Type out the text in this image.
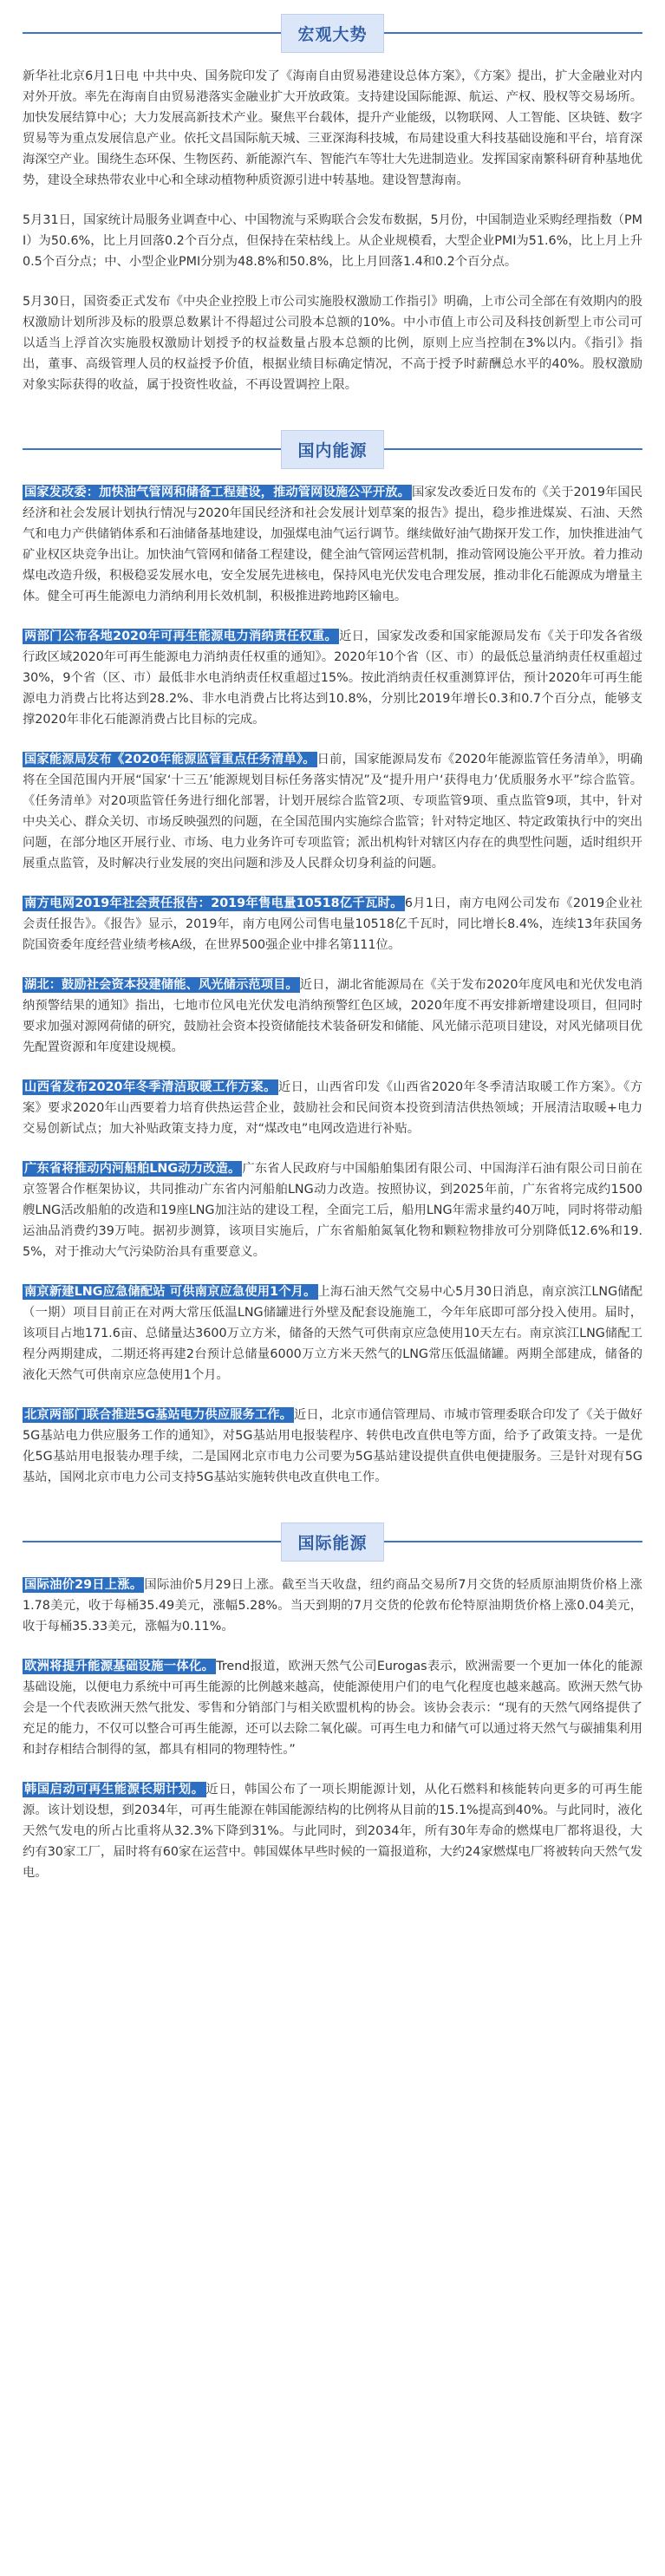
宏观大势

新华社北京6月1日电 中共中央、国务院印发了《海南自由贸易港建设总体方案》，《方案》提出，扩大金融业对内对外开放。率先在海南自由贸易港落实金融业扩大开放政策。支持建设国际能源、航运、产权、股权等交易场所。加快发展结算中心；大力发展高新技术产业。聚焦平台载体，提升产业能级，以物联网、人工智能、区块链、数字贸易等为重点发展信息产业。依托文昌国际航天城、三亚深海科技城，布局建设重大科技基础设施和平台，培育深海深空产业。围绕生态环保、生物医药、新能源汽车、智能汽车等壮大先进制造业。发挥国家南繁科研育种基地优势，建设全球热带农业中心和全球动植物种质资源引进中转基地。建设智慧海南。

5月31日，国家统计局服务业调查中心、中国物流与采购联合会发布数据，5月份，中国制造业采购经理指数（PMI）为50.6%，比上月回落0.2个百分点，但保持在荣枯线上。从企业规模看，大型企业PMI为51.6%，比上月上升0.5个百分点；中、小型企业PMI分别为48.8%和50.8%，比上月回落1.4和0.2个百分点。

5月30日，国资委正式发布《中央企业控股上市公司实施股权激励工作指引》明确，上市公司全部在有效期内的股权激励计划所涉及标的股票总数累计不得超过公司股本总额的10%。中小市值上市公司及科技创新型上市公司可以适当上浮首次实施股权激励计划授予的权益数量占股本总额的比例，原则上应当控制在3%以内。《指引》指出，董事、高级管理人员的权益授予价值，根据业绩目标确定情况，不高于授予时薪酬总水平的40%。股权激励对象实际获得的收益，属于投资性收益，不再设置调控上限。

国内能源

国家发改委：加快油气管网和储备工程建设，推动管网设施公平开放。 国家发改委近日发布的《关于2019年国民经济和社会发展计划执行情况与2020年国民经济和社会发展计划草案的报告》提出，稳步推进煤炭、石油、天然气和电力产供储销体系和石油储备基地建设，加强煤电油气运行调节。继续做好油气勘探开发工作，加快推进油气矿业权区块竞争出让。加快油气管网和储备工程建设，健全油气管网运营机制，推动管网设施公平开放。着力推动煤电改造升级，积极稳妥发展水电，安全发展先进核电，保持风电光伏发电合理发展，推动非化石能源成为增量主体。健全可再生能源电力消纳利用长效机制，积极推进跨地跨区输电。

两部门公布各地2020年可再生能源电力消纳责任权重。 近日，国家发改委和国家能源局发布《关于印发各省级行政区域2020年可再生能源电力消纳责任权重的通知》。2020年10个省（区、市）的最低总量消纳责任权重超过30%，9个省（区、市）最低非水电消纳责任权重超过15%。按此消纳责任权重测算评估，预计2020年可再生能源电力消费占比将达到28.2%、非水电消费占比将达到10.8%，分别比2019年增长0.3和0.7个百分点，能够支撑2020年非化石能源消费占比目标的完成。

国家能源局发布《2020年能源监管重点任务清单》。 日前，国家能源局发布《2020年能源监管任务清单》，明确将在全国范围内开展“国家‘十三五’能源规划目标任务落实情况”及“提升用户‘获得电力’优质服务水平”综合监管。《任务清单》对20项监管任务进行细化部署，计划开展综合监管2项、专项监管9项、重点监管9项，其中，针对中央关心、群众关切、市场反映强烈的问题，在全国范围内实施综合监管；针对特定地区、特定政策执行中的突出问题，在部分地区开展行业、市场、电力业务许可专项监管；派出机构针对辖区内存在的典型性问题，适时组织开展重点监管，及时解决行业发展的突出问题和涉及人民群众切身利益的问题。

南方电网2019年社会责任报告：2019年售电量10518亿千瓦时。 6月1日，南方电网公司发布《2019企业社会责任报告》。《报告》显示，2019年，南方电网公司售电量10518亿千瓦时，同比增长8.4%，连续13年获国务院国资委年度经营业绩考核A级，在世界500强企业中排名第111位。

湖北：鼓励社会资本投建储能、风光储示范项目。 近日，湖北省能源局在《关于发布2020年度风电和光伏发电消纳预警结果的通知》指出，七地市位风电光伏发电消纳预警红色区域，2020年度不再安排新增建设项目，但同时要求加强对源网荷储的研究，鼓励社会资本投资储能技术装备研发和储能、风光储示范项目建设，对风光储项目优先配置资源和年度建设规模。

山西省发布2020年冬季清洁取暖工作方案。 近日，山西省印发《山西省2020年冬季清洁取暖工作方案》。《方案》要求2020年山西要着力培育供热运营企业，鼓励社会和民间资本投资到清洁供热领域；开展清洁取暖+电力交易创新试点；加大补贴政策支持力度，对“煤改电”电网改造进行补贴。

广东省将推动内河船舶LNG动力改造。 广东省人民政府与中国船舶集团有限公司、中国海洋石油有限公司日前在京签署合作框架协议，共同推动广东省内河船舶LNG动力改造。按照协议，到2025年前，广东省将完成约1500艘LNG活改船舶的改造和19座LNG加注站的建设工程，全面完工后，船用LNG年需求量约40万吨，同时将带动船运油品消费约39万吨。据初步测算，该项目实施后，广东省船舶氮氧化物和颗粒物排放可分别降低12.6%和19.5%，对于推动大气污染防治具有重要意义。

南京新建LNG应急储配站 可供南京应急使用1个月。 上海石油天然气交易中心5月30日消息，南京滨江LNG储配（一期）项目目前正在对两大常压低温LNG储罐进行外壁及配套设施施工，今年年底即可部分投入使用。届时，该项目占地171.6亩、总储量达3600万立方米，储备的天然气可供南京应急使用10天左右。南京滨江LNG储配工程分两期建成，二期还将再建2台预计总储量6000万立方米天然气的LNG常压低温储罐。两期全部建成，储备的液化天然气可供南京应急使用1个月。

北京两部门联合推进5G基站电力供应服务工作。 近日，北京市通信管理局、市城市管理委联合印发了《关于做好5G基站电力供应服务工作的通知》，对5G基站用电报装程序、转供电改直供电等方面，给予了政策支持。一是优化5G基站用电报装办理手续，二是国网北京市电力公司要为5G基站建设提供直供电便捷服务。三是针对现有5G基站，国网北京市电力公司支持5G基站实施转供电改直供电工作。

国际能源

国际油价29日上涨。 国际油价5月29日上涨。截至当天收盘，纽约商品交易所7月交货的轻质原油期货价格上涨1.78美元，收于每桶35.49美元，涨幅5.28%。当天到期的7月交货的伦敦布伦特原油期货价格上涨0.04美元，收于每桶35.33美元，涨幅为0.11%。

欧洲将提升能源基础设施一体化。 Trend报道，欧洲天然气公司Eurogas表示，欧洲需要一个更加一体化的能源基础设施，以便电力系统中可再生能源的比例越来越高，使能源使用户们的电气化程度也越来越高。欧洲天然气协会是一个代表欧洲天然气批发、零售和分销部门与相关欧盟机构的协会。该协会表示：“现有的天然气网络提供了充足的能力，不仅可以整合可再生能源，还可以去除二氧化碳。可再生电力和储气可以通过将天然气与碳捕集利用和封存相结合制得的氢，都具有相同的物理特性。”

韩国启动可再生能源长期计划。 近日，韩国公布了一项长期能源计划，从化石燃料和核能转向更多的可再生能源。该计划设想，到2034年，可再生能源在韩国能源结构的比例将从目前的15.1%提高到40%。与此同时，液化天然气发电的所占比重将从32.3%下降到31%。与此同时，到2034年，所有30年寿命的燃煤电厂都将退役，大约有30家工厂，届时将有60家在运营中。韩国媒体早些时候的一篇报道称，大约24家燃煤电厂将被转向天然气发电。
